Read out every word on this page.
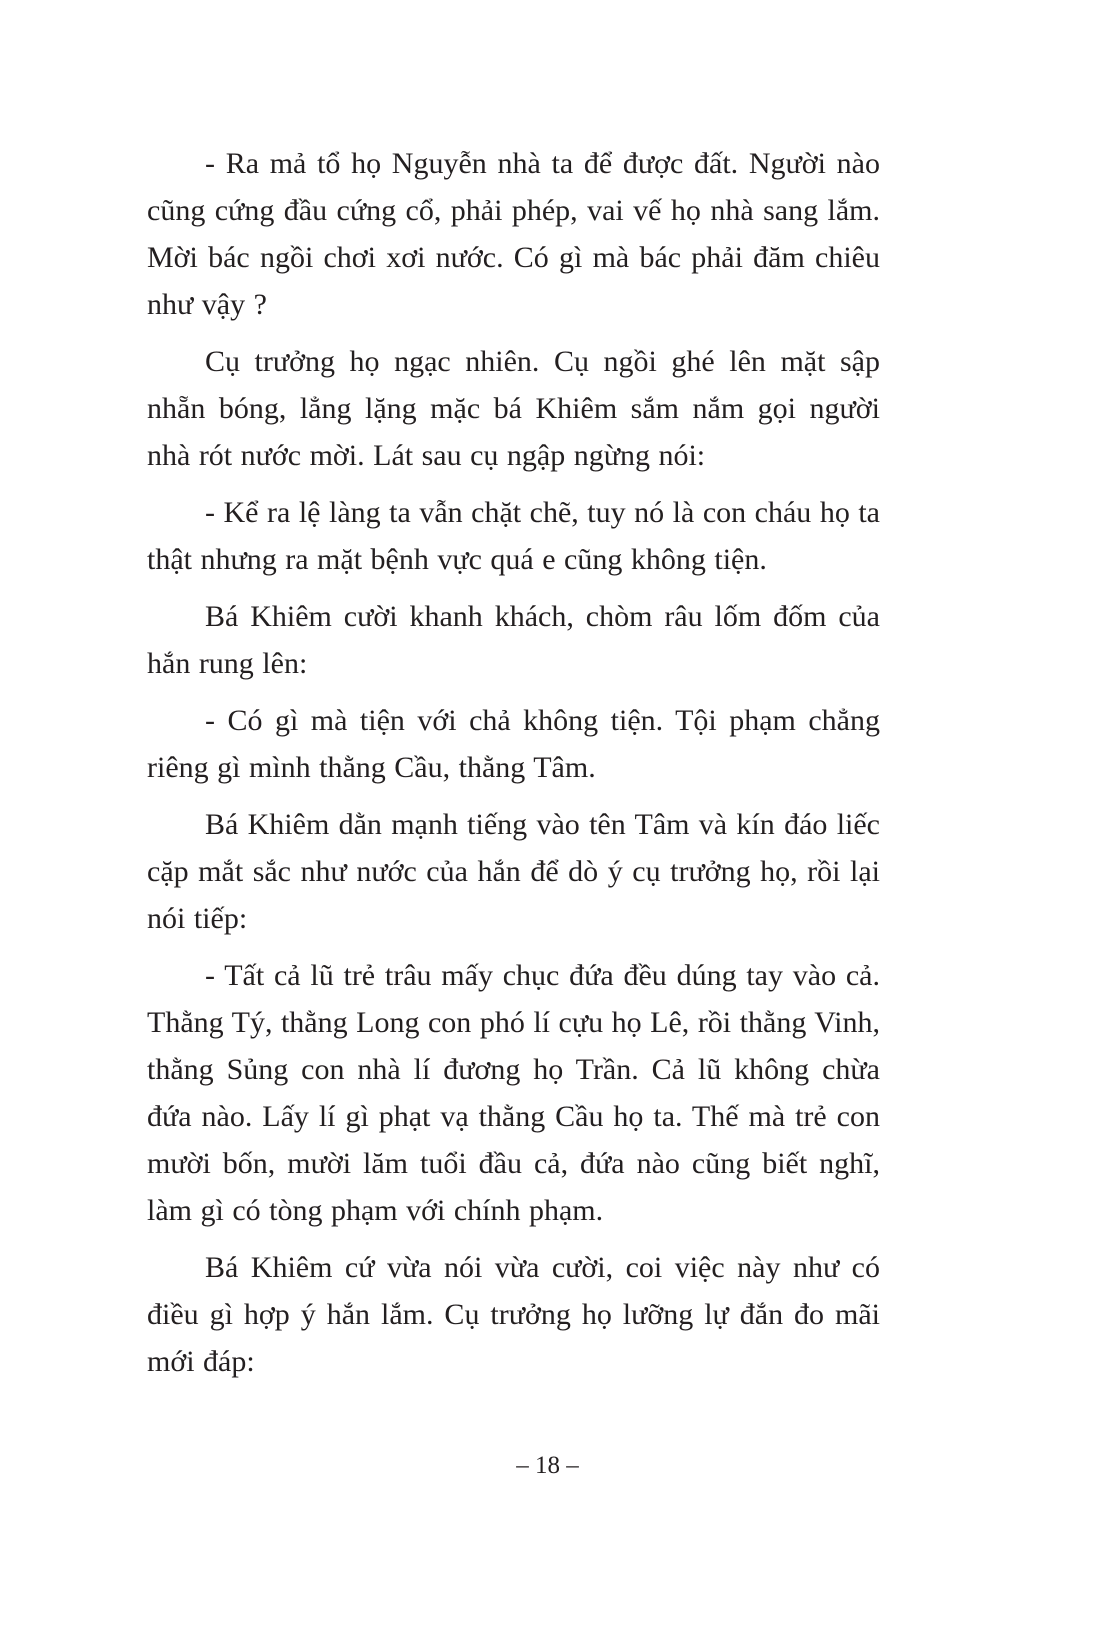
- Ra mả tổ họ Nguyễn nhà ta để được đất. Người nào cũng cứng đầu cứng cổ, phải phép, vai vế họ nhà sang lắm. Mời bác ngồi chơi xơi nước. Có gì mà bác phải đăm chiêu như vậy ?

Cụ trưởng họ ngạc nhiên. Cụ ngồi ghé lên mặt sập nhẵn bóng, lẳng lặng mặc bá Khiêm sắm nắm gọi người nhà rót nước mời. Lát sau cụ ngập ngừng nói:

- Kể ra lệ làng ta vẫn chặt chẽ, tuy nó là con cháu họ ta thật nhưng ra mặt bệnh vực quá e cũng không tiện.

Bá Khiêm cười khanh khách, chòm râu lốm đốm của hắn rung lên:

- Có gì mà tiện với chả không tiện. Tội phạm chẳng riêng gì mình thằng Cầu, thằng Tâm.

Bá Khiêm dằn mạnh tiếng vào tên Tâm và kín đáo liếc cặp mắt sắc như nước của hắn để dò ý cụ trưởng họ, rồi lại nói tiếp:

- Tất cả lũ trẻ trâu mấy chục đứa đều dúng tay vào cả. Thằng Tý, thằng Long con phó lí cựu họ Lê, rồi thằng Vinh, thằng Sủng con nhà lí đương họ Trần. Cả lũ không chừa đứa nào. Lấy lí gì phạt vạ thằng Cầu họ ta. Thế mà trẻ con mười bốn, mười lăm tuổi đầu cả, đứa nào cũng biết nghĩ, làm gì có tòng phạm với chính phạm.

Bá Khiêm cứ vừa nói vừa cười, coi việc này như có điều gì hợp ý hắn lắm. Cụ trưởng họ lưỡng lự đắn đo mãi mới đáp:

– 18 –
